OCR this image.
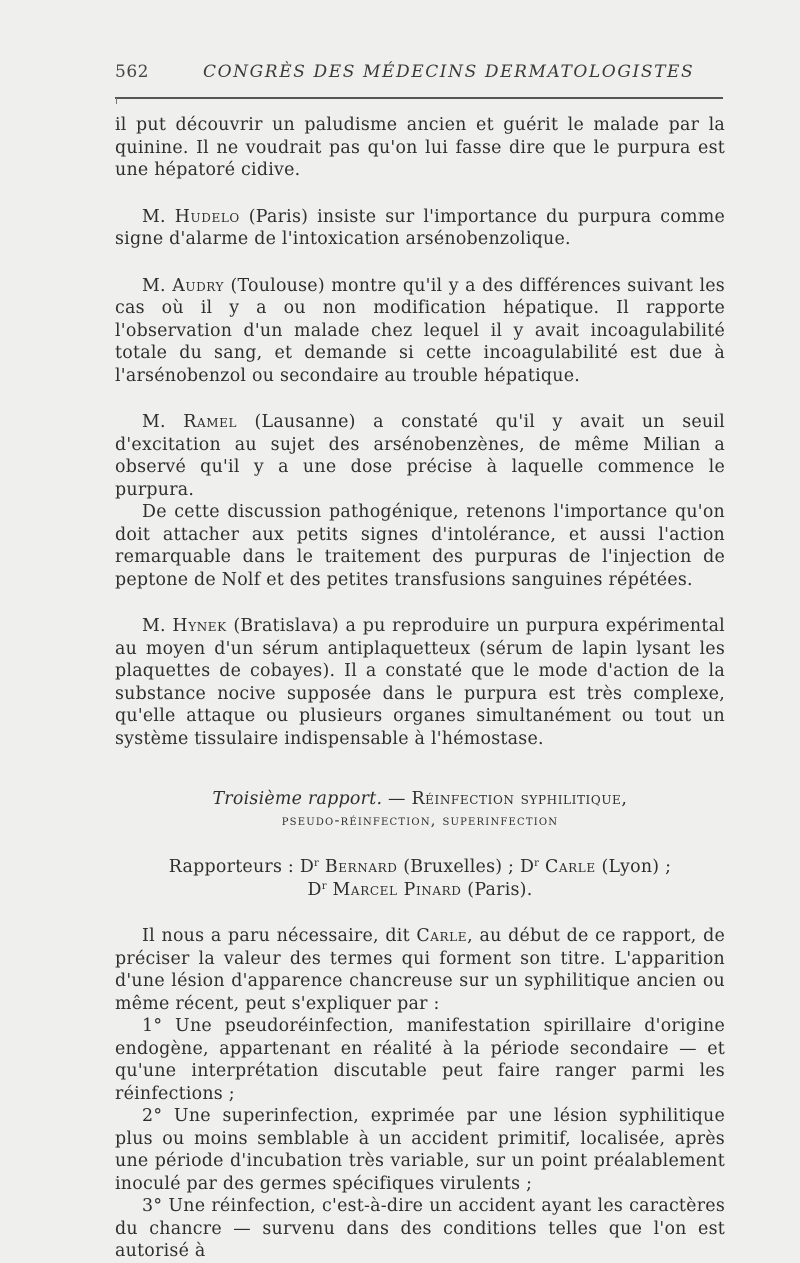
562	CONGRÈS DES MÉDECINS DERMATOLOGISTES

il put découvrir un paludisme ancien et guérit le malade par la quinine. Il ne voudrait pas qu'on lui fasse dire que le purpura est une hépatoré cidive.

M. Hudelo (Paris) insiste sur l'importance du purpura comme signe d'alarme de l'intoxication arsénobenzolique.

M. Audry (Toulouse) montre qu'il y a des différences suivant les cas où il y a ou non modification hépatique. Il rapporte l'observation d'un malade chez lequel il y avait incoagulabilité totale du sang, et demande si cette incoagulabilité est due à l'arsénobenzol ou secondaire au trouble hépatique.

M. Ramel (Lausanne) a constaté qu'il y avait un seuil d'excitation au sujet des arsénobenzènes, de même Milian a observé qu'il y a une dose précise à laquelle commence le purpura.

De cette discussion pathogénique, retenons l'importance qu'on doit attacher aux petits signes d'intolérance, et aussi l'action remarquable dans le traitement des purpuras de l'injection de peptone de Nolf et des petites transfusions sanguines répétées.

M. Hynek (Bratislava) a pu reproduire un purpura expérimental au moyen d'un sérum antiplaquetteux (sérum de lapin lysant les plaquettes de cobayes). Il a constaté que le mode d'action de la substance nocive supposée dans le purpura est très complexe, qu'elle attaque ou plusieurs organes simultanément ou tout un système tissulaire indispensable à l'hémostase.

Troisième rapport. — Réinfection syphilitique,

pseudo-réinfection, superinfection

Rapporteurs : $D^r$ Bernard (Bruxelles) ; $D^r$ Carle (Lyon) ;

$D^r$ Marcel Pinard (Paris).

Il nous a paru nécessaire, dit Carle, au début de ce rapport, de préciser la valeur des termes qui forment son titre. L'apparition d'une lésion d'apparence chancreuse sur un syphilitique ancien ou même récent, peut s'expliquer par :

1° Une pseudoréinfection, manifestation spirillaire d'origine endogène, appartenant en réalité à la période secondaire — et qu'une interprétation discutable peut faire ranger parmi les réinfections ;

2° Une superinfection, exprimée par une lésion syphilitique plus ou moins semblable à un accident primitif, localisée, après une période d'incubation très variable, sur un point préalablement inoculé par des germes spécifiques virulents ;

3° Une réinfection, c'est-à-dire un accident ayant les caractères du chancre — survenu dans des conditions telles que l'on est autorisé à
